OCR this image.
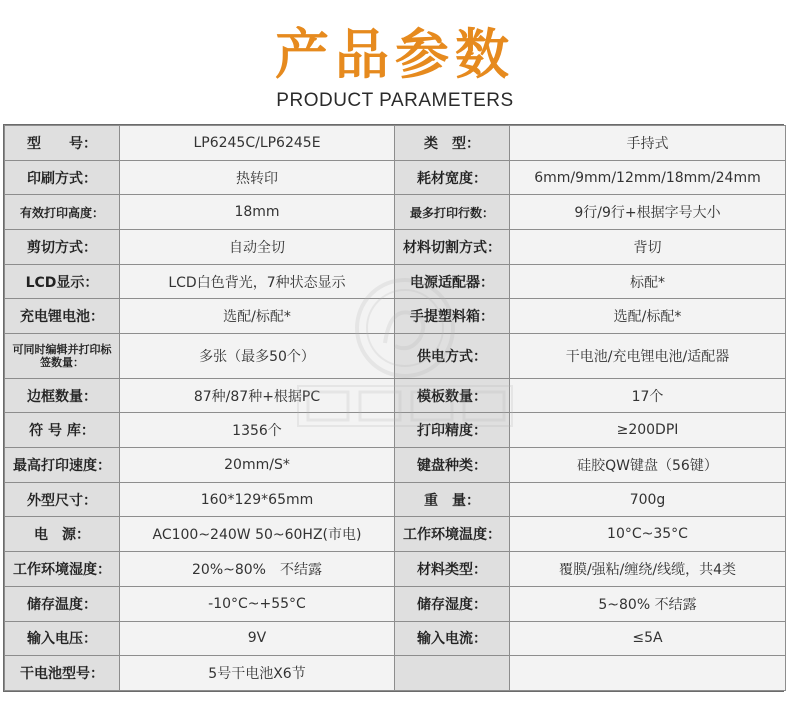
产品参数
PRODUCT PARAMETERS
型　　号：	LP6245C/LP6245E	类　型：	手持式
印刷方式：	热转印	耗材宽度：	6mm/9mm/12mm/18mm/24mm
有效打印高度：	18mm	最多打印行数：	9行/9行+根据字号大小
剪切方式：	自动全切	材料切割方式：	背切
LCD显示：	LCD白色背光，7种状态显示	电源适配器：	标配*
充电锂电池：	选配/标配*	手提塑料箱：	选配/标配*
可同时编辑并打印标签数量：	多张（最多50个）	供电方式：	干电池/充电锂电池/适配器
边框数量：	87种/87种+根据PC	模板数量：	17个
符 号 库：	1356个	打印精度：	≥200DPI
最高打印速度：	20mm/S*	键盘种类：	硅胶QW键盘（56键）
外型尺寸：	160*129*65mm	重　量：	700g
电　源：	AC100~240W 50~60HZ(市电)	工作环境温度：	10°C~35°C
工作环境湿度：	20%~80%　不结露	材料类型：	覆膜/强粘/缠绕/线缆，共4类
储存温度：	-10°C~+55°C	储存湿度：	5~80% 不结露
输入电压：	9V	输入电流：	≤5A
干电池型号：	5号干电池X6节		
